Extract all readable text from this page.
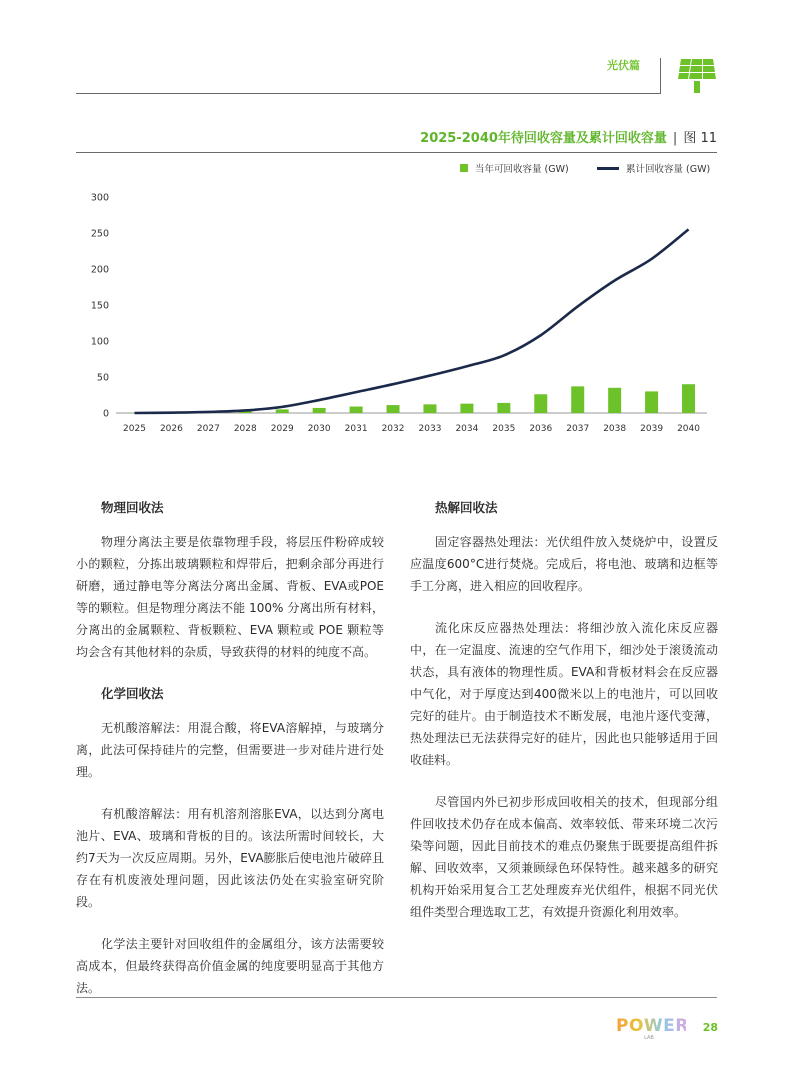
光伏篇
2025-2040年待回收容量及累计回收容量 | 图 11
当年可回收容量 (GW)	累计回收容量 (GW)
0
50
100
150
200
250
300
2025 2026 2027 2028 2029 2030 2031 2032 2033 2034 2035 2036 2037 2038 2039 2040
物理回收法

物理分离法主要是依靠物理手段，将层压件粉碎成较小的颗粒，分拣出玻璃颗粒和焊带后，把剩余部分再进行研磨，通过静电等分离法分离出金属、背板、EVA或POE等的颗粒。但是物理分离法不能 100% 分离出所有材料，分离出的金属颗粒、背板颗粒、EVA 颗粒或 POE 颗粒等均会含有其他材料的杂质，导致获得的材料的纯度不高。

化学回收法

无机酸溶解法：用混合酸，将EVA溶解掉，与玻璃分离，此法可保持硅片的完整，但需要进一步对硅片进行处理。

有机酸溶解法：用有机溶剂溶胀EVA，以达到分离电池片、EVA、玻璃和背板的目的。该法所需时间较长，大约7天为一次反应周期。另外，EVA膨胀后使电池片破碎且存在有机废液处理问题，因此该法仍处在实验室研究阶段。

化学法主要针对回收组件的金属组分，该方法需要较高成本，但最终获得高价值金属的纯度要明显高于其他方法。

热解回收法

固定容器热处理法：光伏组件放入焚烧炉中，设置反应温度600°C进行焚烧。完成后，将电池、玻璃和边框等手工分离，进入相应的回收程序。

流化床反应器热处理法：将细沙放入流化床反应器中，在一定温度、流速的空气作用下，细沙处于滚烫流动状态，具有液体的物理性质。EVA和背板材料会在反应器中气化，对于厚度达到400微米以上的电池片，可以回收完好的硅片。由于制造技术不断发展，电池片逐代变薄，热处理法已无法获得完好的硅片，因此也只能够适用于回收硅料。

尽管国内外已初步形成回收相关的技术，但现部分组件回收技术仍存在成本偏高、效率较低、带来环境二次污染等问题，因此目前技术的难点仍聚焦于既要提高组件拆解、回收效率，又须兼顾绿色环保特性。越来越多的研究机构开始采用复合工艺处理废弃光伏组件，根据不同光伏组件类型合理选取工艺，有效提升资源化利用效率。

POWER
LAB
28
